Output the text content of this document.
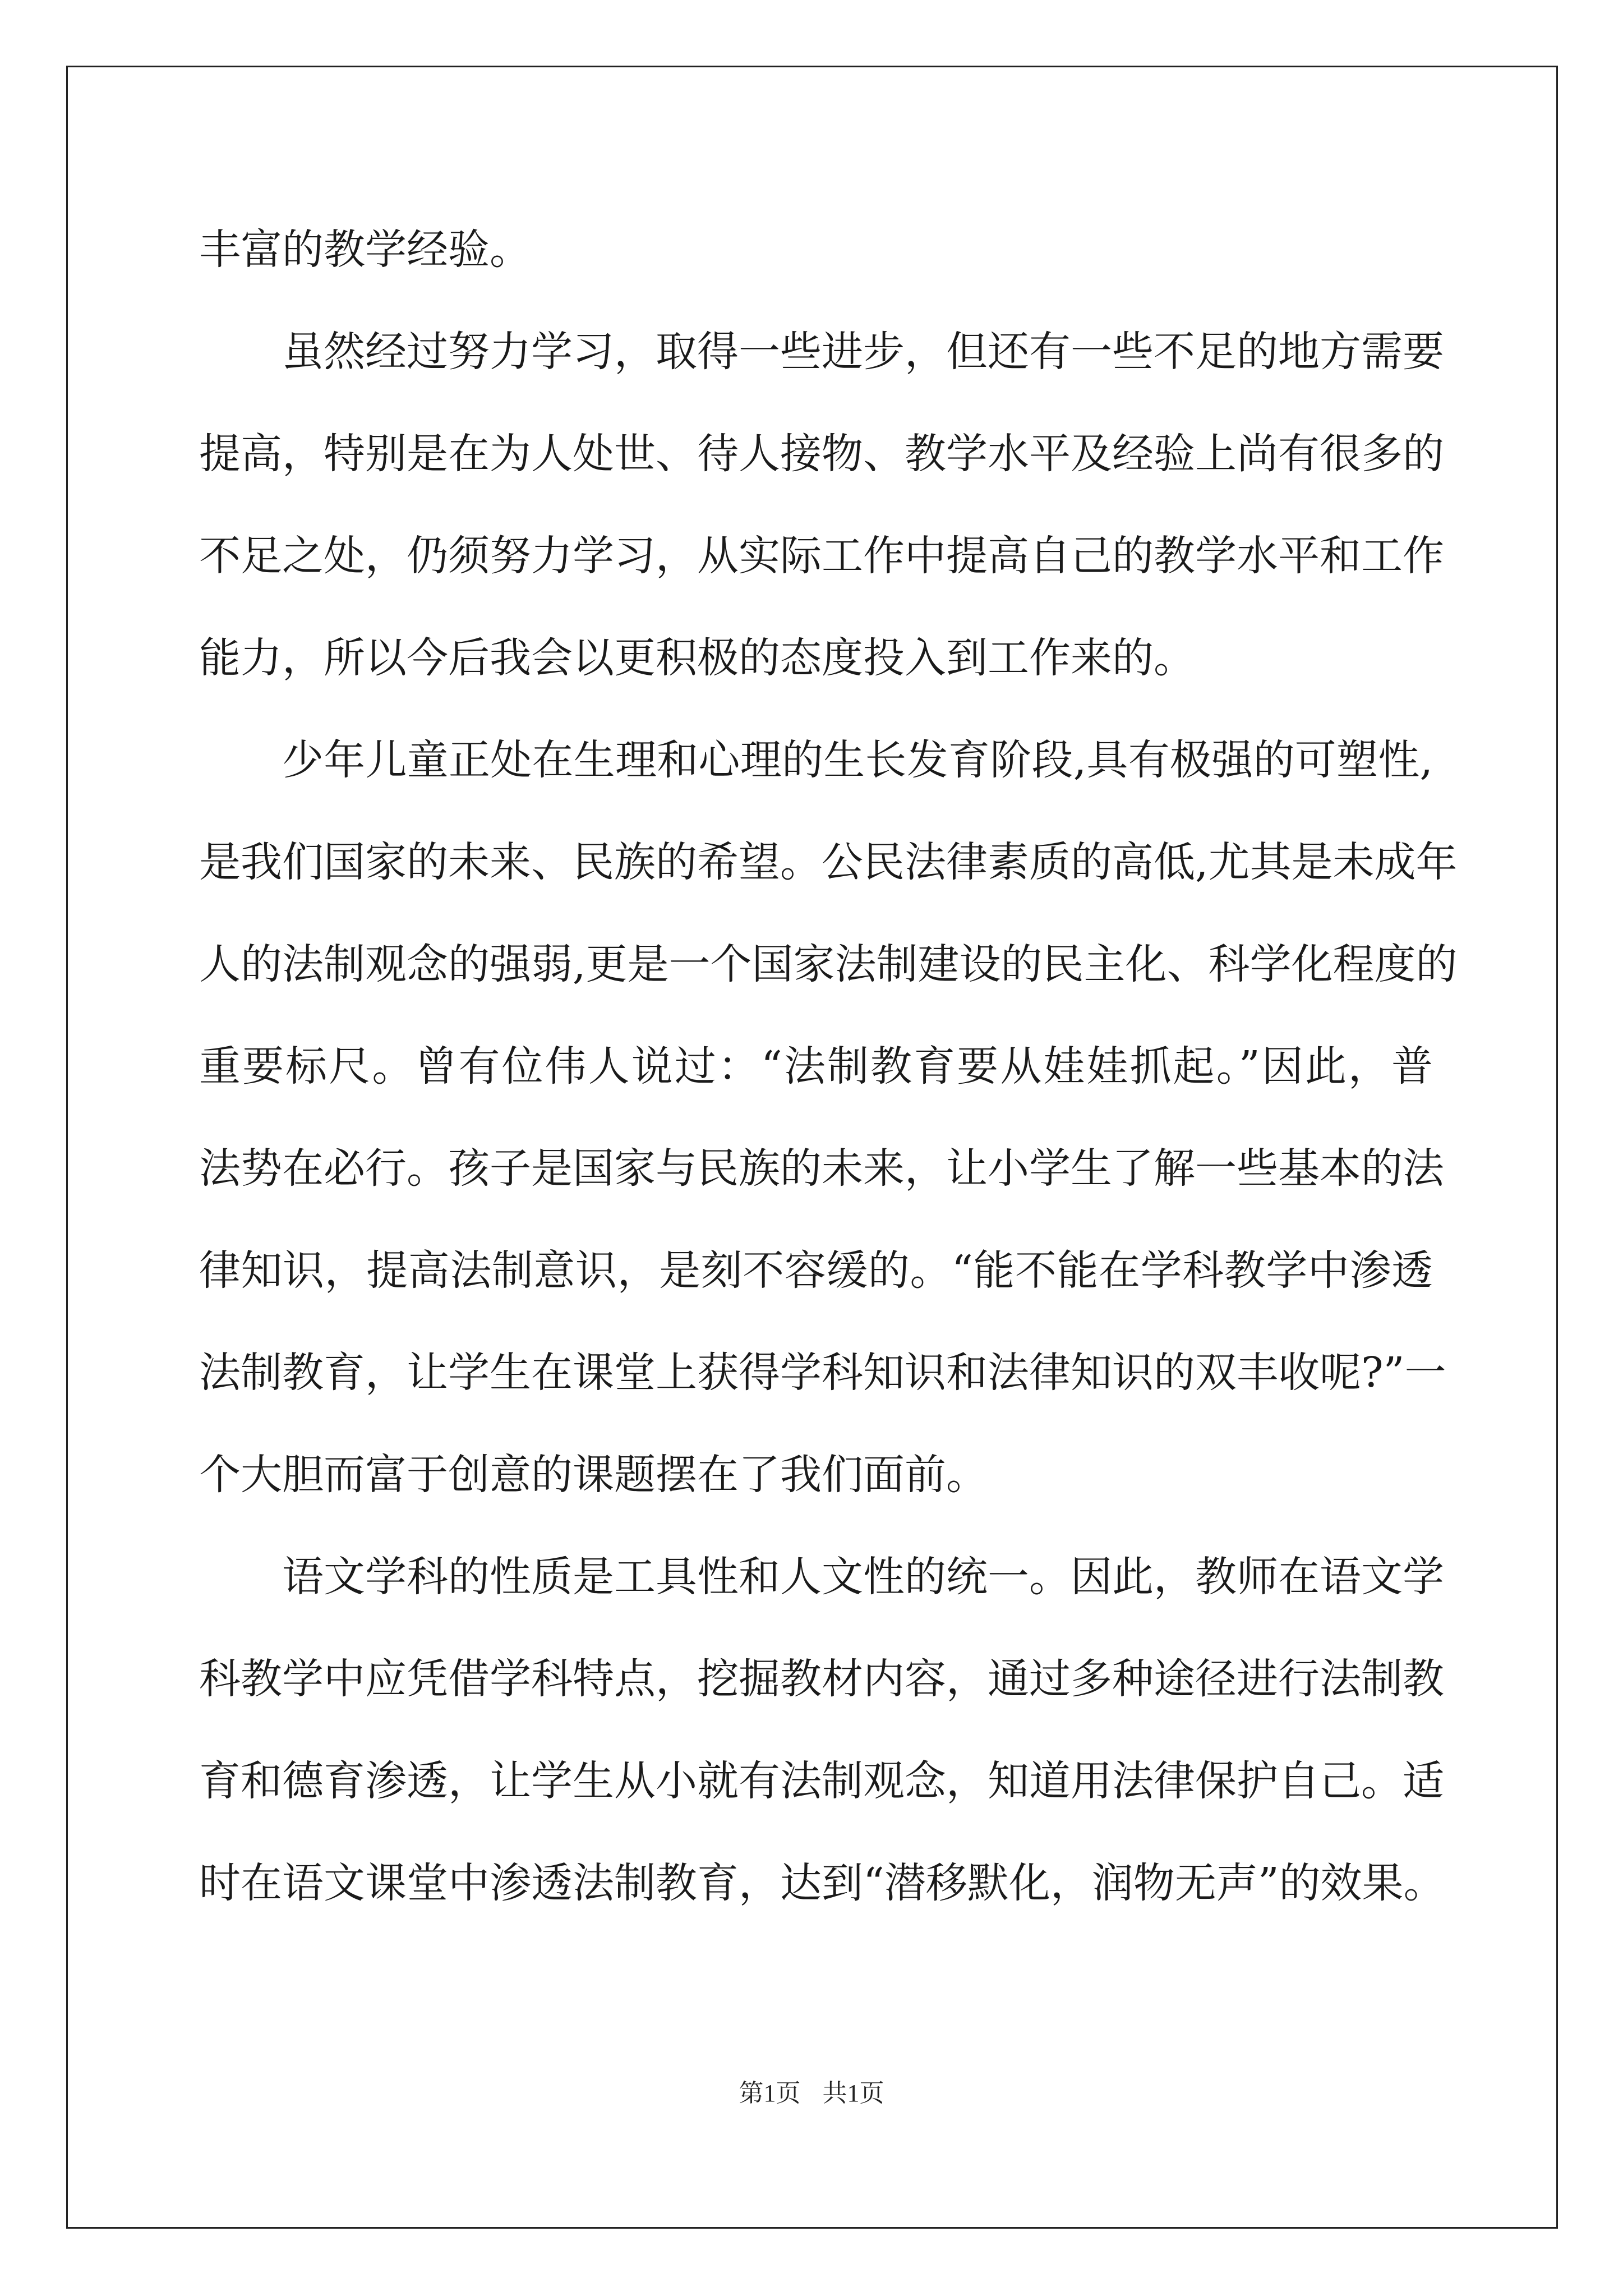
丰富的教学经验。
虽然经过努力学习，取得一些进步，但还有一些不足的地方需要
提高，特别是在为人处世、待人接物、教学水平及经验上尚有很多的
不足之处，仍须努力学习，从实际工作中提高自己的教学水平和工作
能力，所以今后我会以更积极的态度投入到工作来的。
少年儿童正处在生理和心理的生长发育阶段,具有极强的可塑性,
是我们国家的未来、民族的希望。公民法律素质的高低,尤其是未成年
人的法制观念的强弱,更是一个国家法制建设的民主化、科学化程度的
重要标尺。曾有位伟人说过：“法制教育要从娃娃抓起。”因此，普
法势在必行。孩子是国家与民族的未来，让小学生了解一些基本的法
律知识，提高法制意识，是刻不容缓的。“能不能在学科教学中渗透
法制教育，让学生在课堂上获得学科知识和法律知识的双丰收呢?”一
个大胆而富于创意的课题摆在了我们面前。
语文学科的性质是工具性和人文性的统一。因此，教师在语文学
科教学中应凭借学科特点，挖掘教材内容，通过多种途径进行法制教
育和德育渗透，让学生从小就有法制观念，知道用法律保护自己。适
时在语文课堂中渗透法制教育，达到“潜移默化，润物无声”的效果。
第1页 共1页
